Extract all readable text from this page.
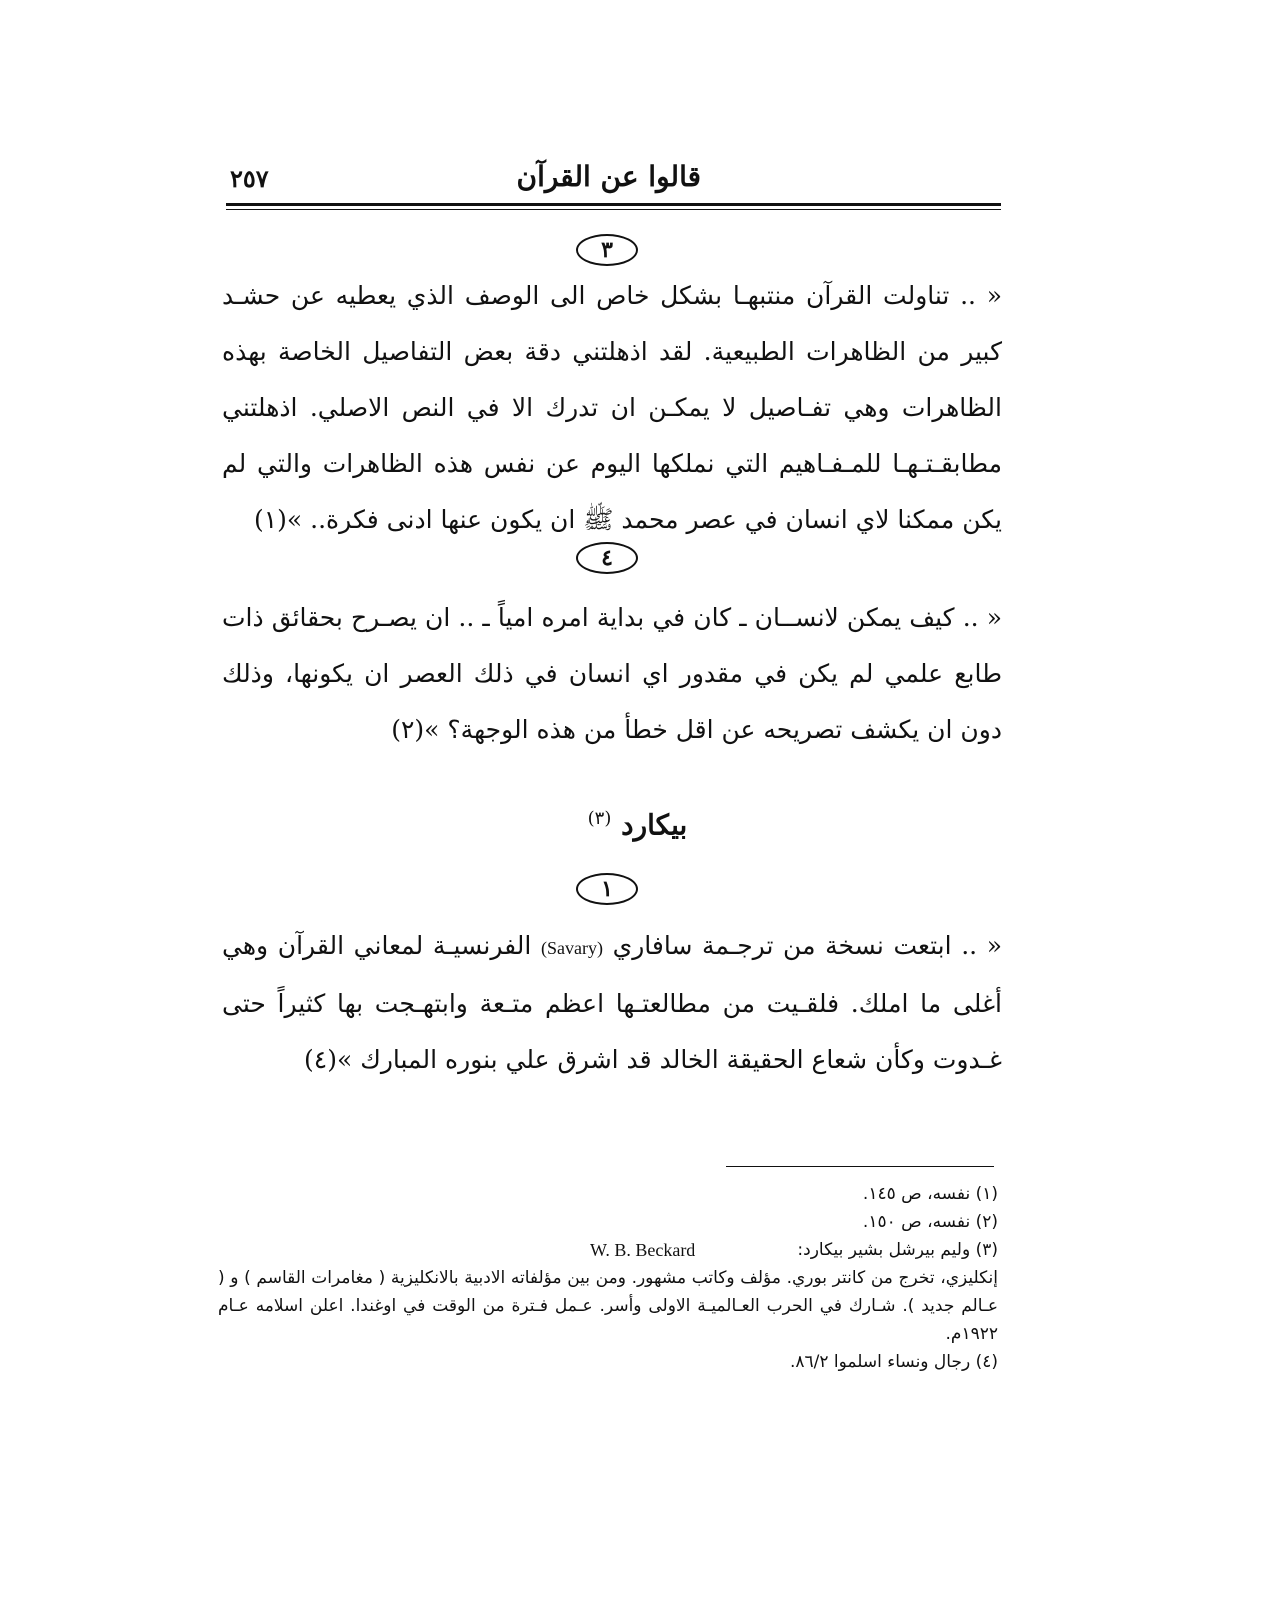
قالوا عن القرآن
٢٥٧
٣

« .. تناولت القرآن منتبهـا بشكل خاص الى الوصف الذي يعطيه عن حشـد كبير من الظاهرات الطبيعية. لقد اذهلتني دقة بعض التفاصيل الخاصة بهذه الظاهرات وهي تفـاصيل لا يمكـن ان تدرك الا في النص الاصلي. اذهلتني مطابقـتـهـا للمـفـاهيم التي نملكها اليوم عن نفس هذه الظاهرات والتي لم يكن ممكنا لاي انسان في عصر محمد ﷺ ان يكون عنها ادنى فكرة.. »(١)

٤

« .. كيف يمكن لانســان ـ كان في بداية امره امياً ـ .. ان يصـرح بحقائق ذات طابع علمي لم يكن في مقدور اي انسان في ذلك العصر ان يكونها، وذلك دون ان يكشف تصريحه عن اقل خطأ من هذه الوجهة؟ »(٢)

بيكارد $^{(٣)}$
١

« .. ابتعت نسخة من ترجـمة سافاري (Savary) الفرنسيـة لمعاني القرآن وهي أغلى ما املك. فلقـيت من مطالعتـها اعظم متـعة وابتهـجت بها كثيراً حتى غـدوت وكأن شعاع الحقيقة الخالد قد اشرق علي بنوره المبارك »(٤)

(١) نفسه، ص ١٤٥.
(٢) نفسه، ص ١٥٠.
(٣) وليم بيرشل بشير بيكارد:
W. B. Beckard
إنكليزي، تخرج من كانتر بوري. مؤلف وكاتب مشهور. ومن بين مؤلفاته الادبية بالانكليزية ( مغامرات القاسم ) و ( عـالم جديد ). شـارك في الحرب العـالميـة الاولى وأسر. عـمل فـترة من الوقت في اوغندا. اعلن اسلامه عـام ١٩٢٢م.
(٤) رجال ونساء اسلموا ٨٦/٢.
